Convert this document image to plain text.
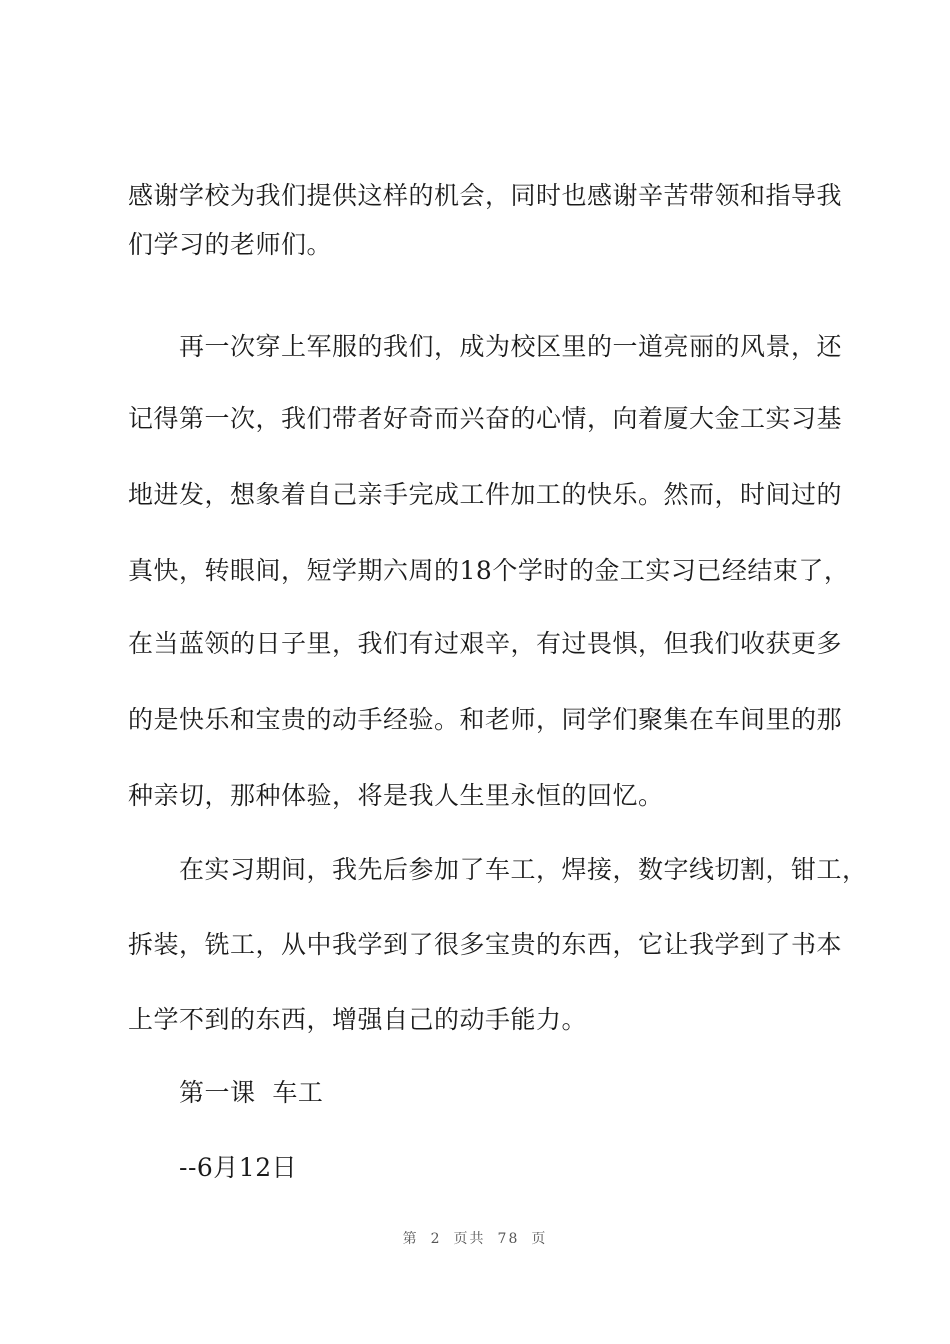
感谢学校为我们提供这样的机会，同时也感谢辛苦带领和指导我
们学习的老师们。
再一次穿上军服的我们，成为校区里的一道亮丽的风景，还
记得第一次，我们带者好奇而兴奋的心情，向着厦大金工实习基
地进发，想象着自己亲手完成工件加工的快乐。然而，时间过的
真快，转眼间，短学期六周的18个学时的金工实习已经结束了，
在当蓝领的日子里，我们有过艰辛，有过畏惧，但我们收获更多
的是快乐和宝贵的动手经验。和老师，同学们聚集在车间里的那
种亲切，那种体验，将是我人生里永恒的回忆。
在实习期间，我先后参加了车工，焊接，数字线切割，钳工，
拆装，铣工，从中我学到了很多宝贵的东西，它让我学到了书本
上学不到的东西，增强自己的动手能力。
第一课  车工
--6月12日
第 2 页共 78 页
